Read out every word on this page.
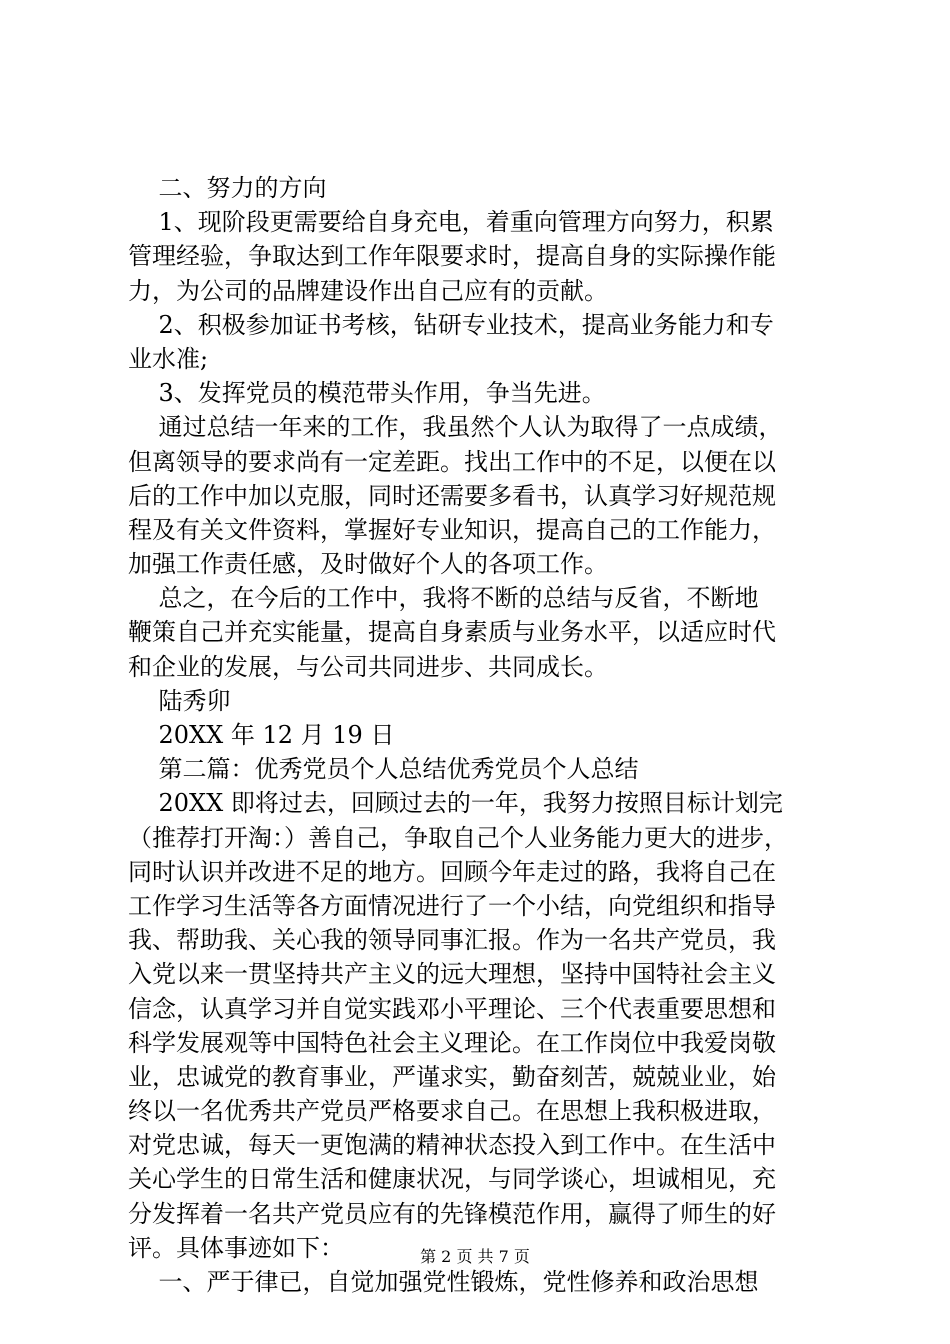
二、努力的方向
1、现阶段更需要给自身充电，着重向管理方向努力，积累
管理经验，争取达到工作年限要求时，提高自身的实际操作能
力，为公司的品牌建设作出自己应有的贡献。
2、积极参加证书考核，钻研专业技术，提高业务能力和专
业水准;
3、发挥党员的模范带头作用，争当先进。
通过总结一年来的工作，我虽然个人认为取得了一点成绩，
但离领导的要求尚有一定差距。找出工作中的不足，以便在以
后的工作中加以克服，同时还需要多看书，认真学习好规范规
程及有关文件资料，掌握好专业知识，提高自己的工作能力，
加强工作责任感，及时做好个人的各项工作。
总之，在今后的工作中，我将不断的总结与反省，不断地
鞭策自己并充实能量，提高自身素质与业务水平，以适应时代
和企业的发展，与公司共同进步、共同成长。
陆秀卯
20XX 年 12 月 19 日
第二篇：优秀党员个人总结优秀党员个人总结
20XX 即将过去，回顾过去的一年，我努力按照目标计划完
（推荐打开淘：）善自己，争取自己个人业务能力更大的进步，
同时认识并改进不足的地方。回顾今年走过的路，我将自己在
工作学习生活等各方面情况进行了一个小结，向党组织和指导
我、帮助我、关心我的领导同事汇报。作为一名共产党员，我
入党以来一贯坚持共产主义的远大理想，坚持中国特社会主义
信念，认真学习并自觉实践邓小平理论、三个代表重要思想和
科学发展观等中国特色社会主义理论。在工作岗位中我爱岗敬
业，忠诚党的教育事业，严谨求实，勤奋刻苦，兢兢业业，始
终以一名优秀共产党员严格要求自己。在思想上我积极进取，
对党忠诚，每天一更饱满的精神状态投入到工作中。在生活中
关心学生的日常生活和健康状况，与同学谈心，坦诚相见，充
分发挥着一名共产党员应有的先锋模范作用，赢得了师生的好
评。具体事迹如下：
一、严于律已，自觉加强党性锻炼，党性修养和政治思想
第 2 页 共 7 页
